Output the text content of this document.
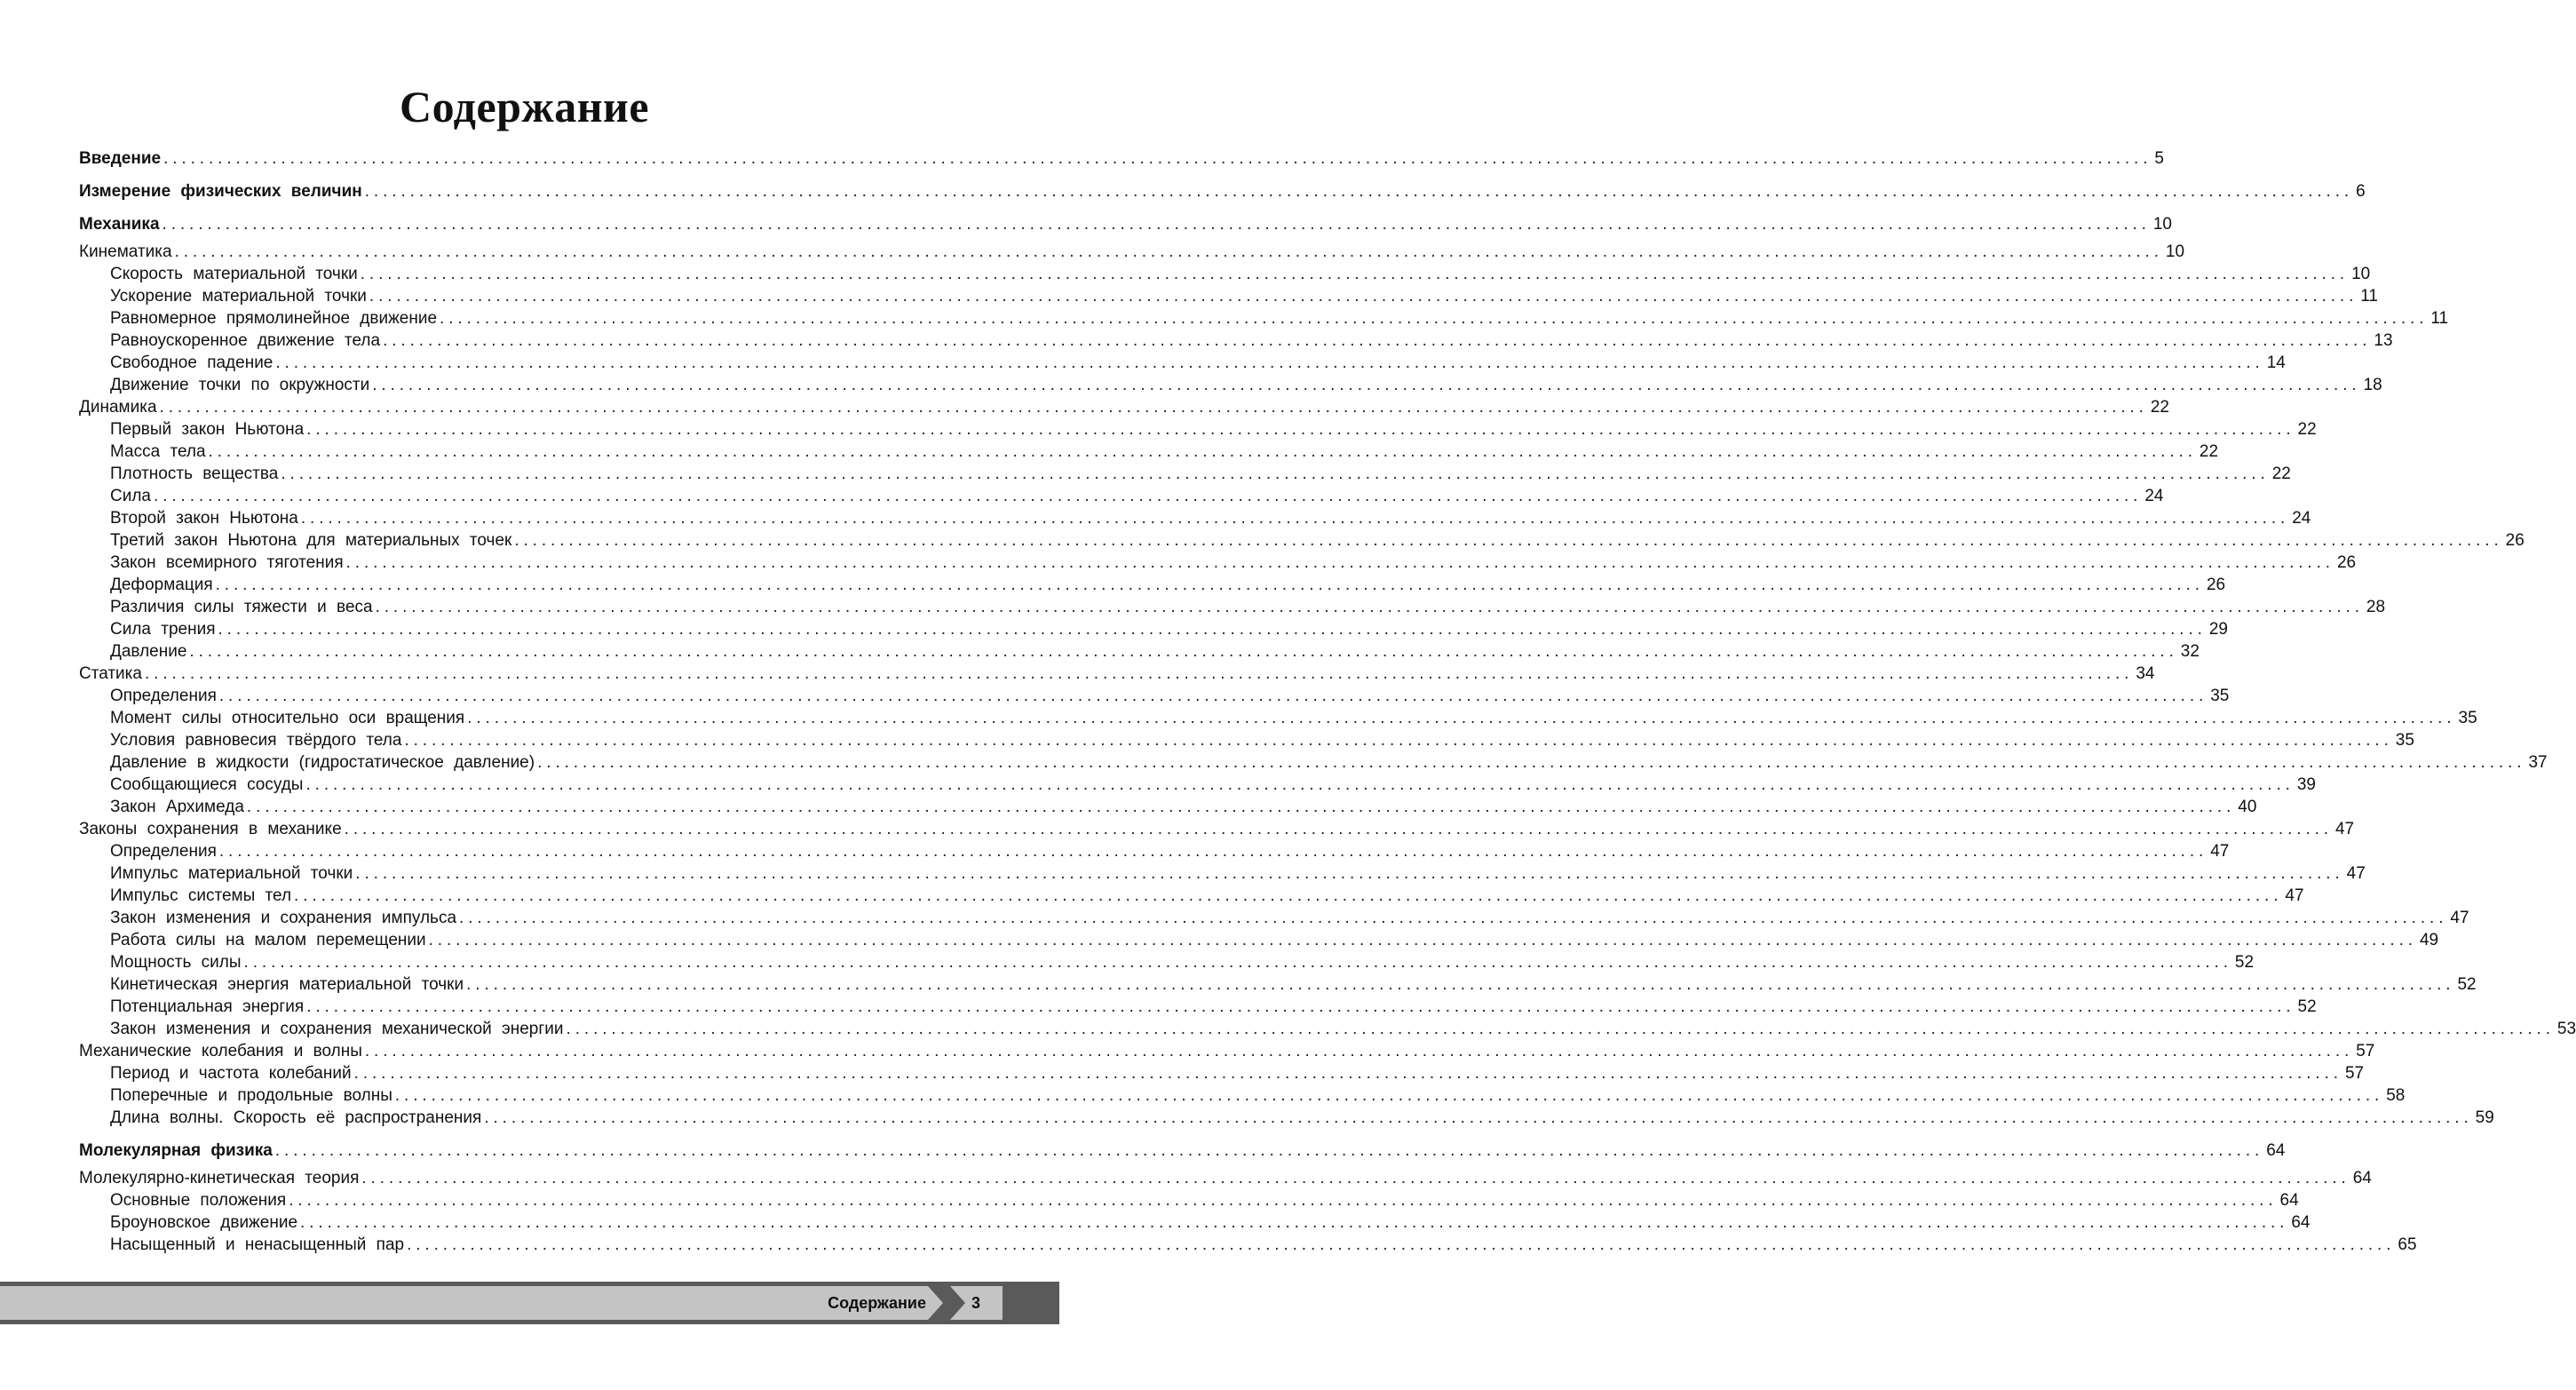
Содержание
Введение ............................................................................................................................................................................................................................ 5
Измерение физических величин ............................................................................................................................................................................................................................ 6
Механика ............................................................................................................................................................................................................................ 10
Кинематика ............................................................................................................................................................................................................................ 10
Скорость материальной точки ............................................................................................................................................................................................................................ 10
Ускорение материальной точки ............................................................................................................................................................................................................................ 11
Равномерное прямолинейное движение ............................................................................................................................................................................................................................ 11
Равноускоренное движение тела ............................................................................................................................................................................................................................ 13
Свободное падение ............................................................................................................................................................................................................................ 14
Движение точки по окружности ............................................................................................................................................................................................................................ 18
Динамика ............................................................................................................................................................................................................................ 22
Первый закон Ньютона ............................................................................................................................................................................................................................ 22
Масса тела ............................................................................................................................................................................................................................ 22
Плотность вещества ............................................................................................................................................................................................................................ 22
Сила ............................................................................................................................................................................................................................ 24
Второй закон Ньютона ............................................................................................................................................................................................................................ 24
Третий закон Ньютона для материальных точек ............................................................................................................................................................................................................................ 26
Закон всемирного тяготения ............................................................................................................................................................................................................................ 26
Деформация ............................................................................................................................................................................................................................ 26
Различия силы тяжести и веса ............................................................................................................................................................................................................................ 28
Сила трения ............................................................................................................................................................................................................................ 29
Давление ............................................................................................................................................................................................................................ 32
Статика ............................................................................................................................................................................................................................ 34
Определения ............................................................................................................................................................................................................................ 35
Момент силы относительно оси вращения ............................................................................................................................................................................................................................ 35
Условия равновесия твёрдого тела ............................................................................................................................................................................................................................ 35
Давление в жидкости (гидростатическое давление) ............................................................................................................................................................................................................................ 37
Сообщающиеся сосуды ............................................................................................................................................................................................................................ 39
Закон Архимеда ............................................................................................................................................................................................................................ 40
Законы сохранения в механике ............................................................................................................................................................................................................................ 47
Определения ............................................................................................................................................................................................................................ 47
Импульс материальной точки ............................................................................................................................................................................................................................ 47
Импульс системы тел ............................................................................................................................................................................................................................ 47
Закон изменения и сохранения импульса ............................................................................................................................................................................................................................ 47
Работа силы на малом перемещении ............................................................................................................................................................................................................................ 49
Мощность силы ............................................................................................................................................................................................................................ 52
Кинетическая энергия материальной точки ............................................................................................................................................................................................................................ 52
Потенциальная энергия ............................................................................................................................................................................................................................ 52
Закон изменения и сохранения механической энергии ............................................................................................................................................................................................................................ 53
Механические колебания и волны ............................................................................................................................................................................................................................ 57
Период и частота колебаний ............................................................................................................................................................................................................................ 57
Поперечные и продольные волны ............................................................................................................................................................................................................................ 58
Длина волны. Скорость её распространения ............................................................................................................................................................................................................................ 59
Молекулярная физика ............................................................................................................................................................................................................................ 64
Молекулярно-кинетическая теория ............................................................................................................................................................................................................................ 64
Основные положения ............................................................................................................................................................................................................................ 64
Броуновское движение ............................................................................................................................................................................................................................ 64
Насыщенный и ненасыщенный пар ............................................................................................................................................................................................................................ 65
Содержание	3
